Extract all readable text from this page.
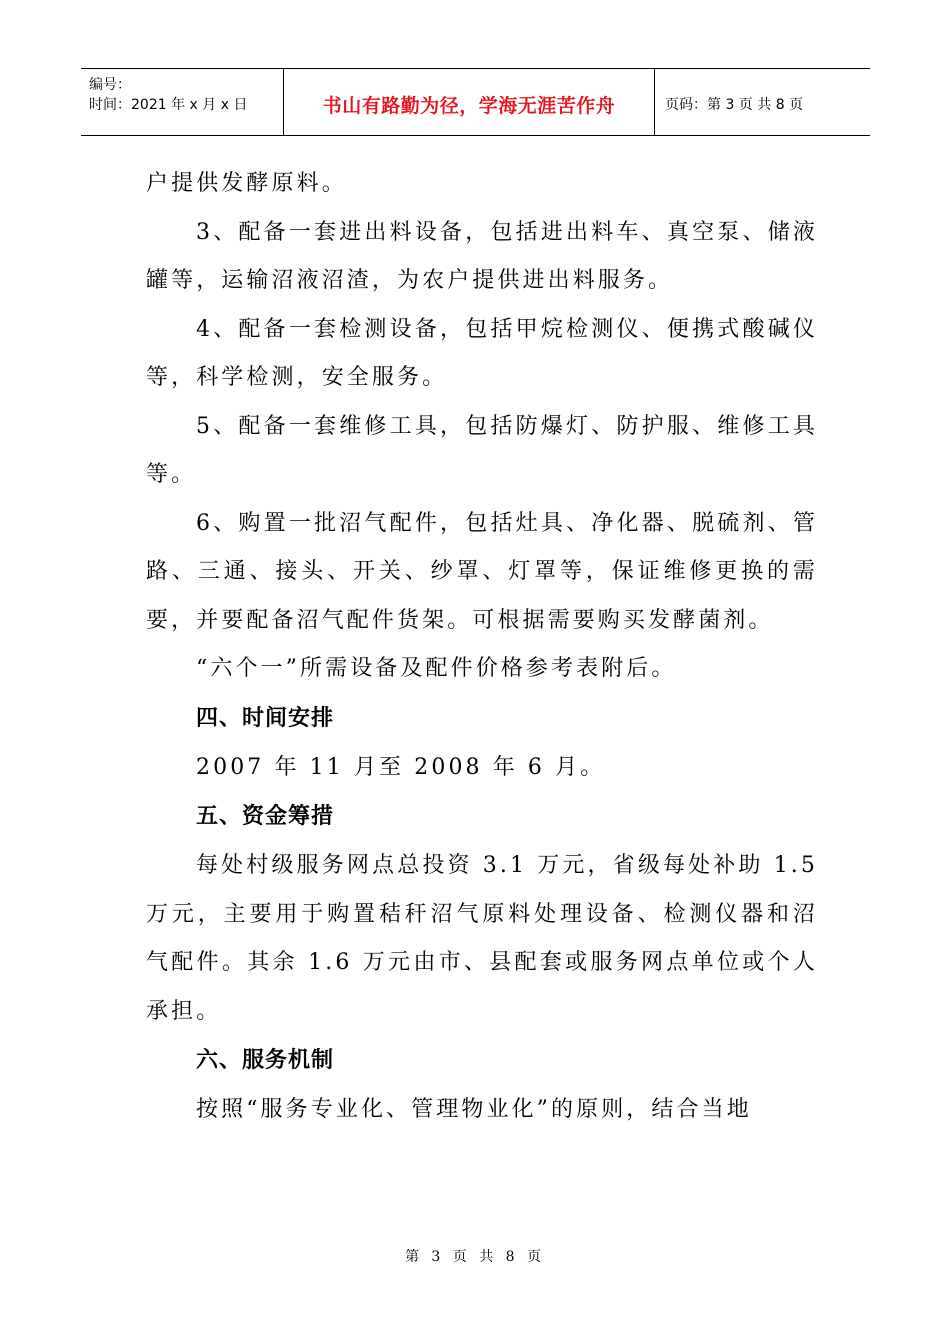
编号：
时间：2021 年 x 月 x 日	书山有路勤为径，学海无涯苦作舟	页码：第 3 页 共 8 页

户提供发酵原料。

3、配备一套进出料设备，包括进出料车、真空泵、储液罐等，运输沼液沼渣，为农户提供进出料服务。

4、配备一套检测设备，包括甲烷检测仪、便携式酸碱仪等，科学检测，安全服务。

5、配备一套维修工具，包括防爆灯、防护服、维修工具等。

6、购置一批沼气配件，包括灶具、净化器、脱硫剂、管路、三通、接头、开关、纱罩、灯罩等，保证维修更换的需要，并要配备沼气配件货架。可根据需要购买发酵菌剂。

“六个一”所需设备及配件价格参考表附后。

四、时间安排

2007 年 11 月至 2008 年 6 月。

五、资金筹措

每处村级服务网点总投资 3.1 万元，省级每处补助 1.5 万元，主要用于购置秸秆沼气原料处理设备、检测仪器和沼气配件。其余 1.6 万元由市、县配套或服务网点单位或个人承担。

六、服务机制

按照“服务专业化、管理物业化”的原则，结合当地

第 3 页 共 8 页
